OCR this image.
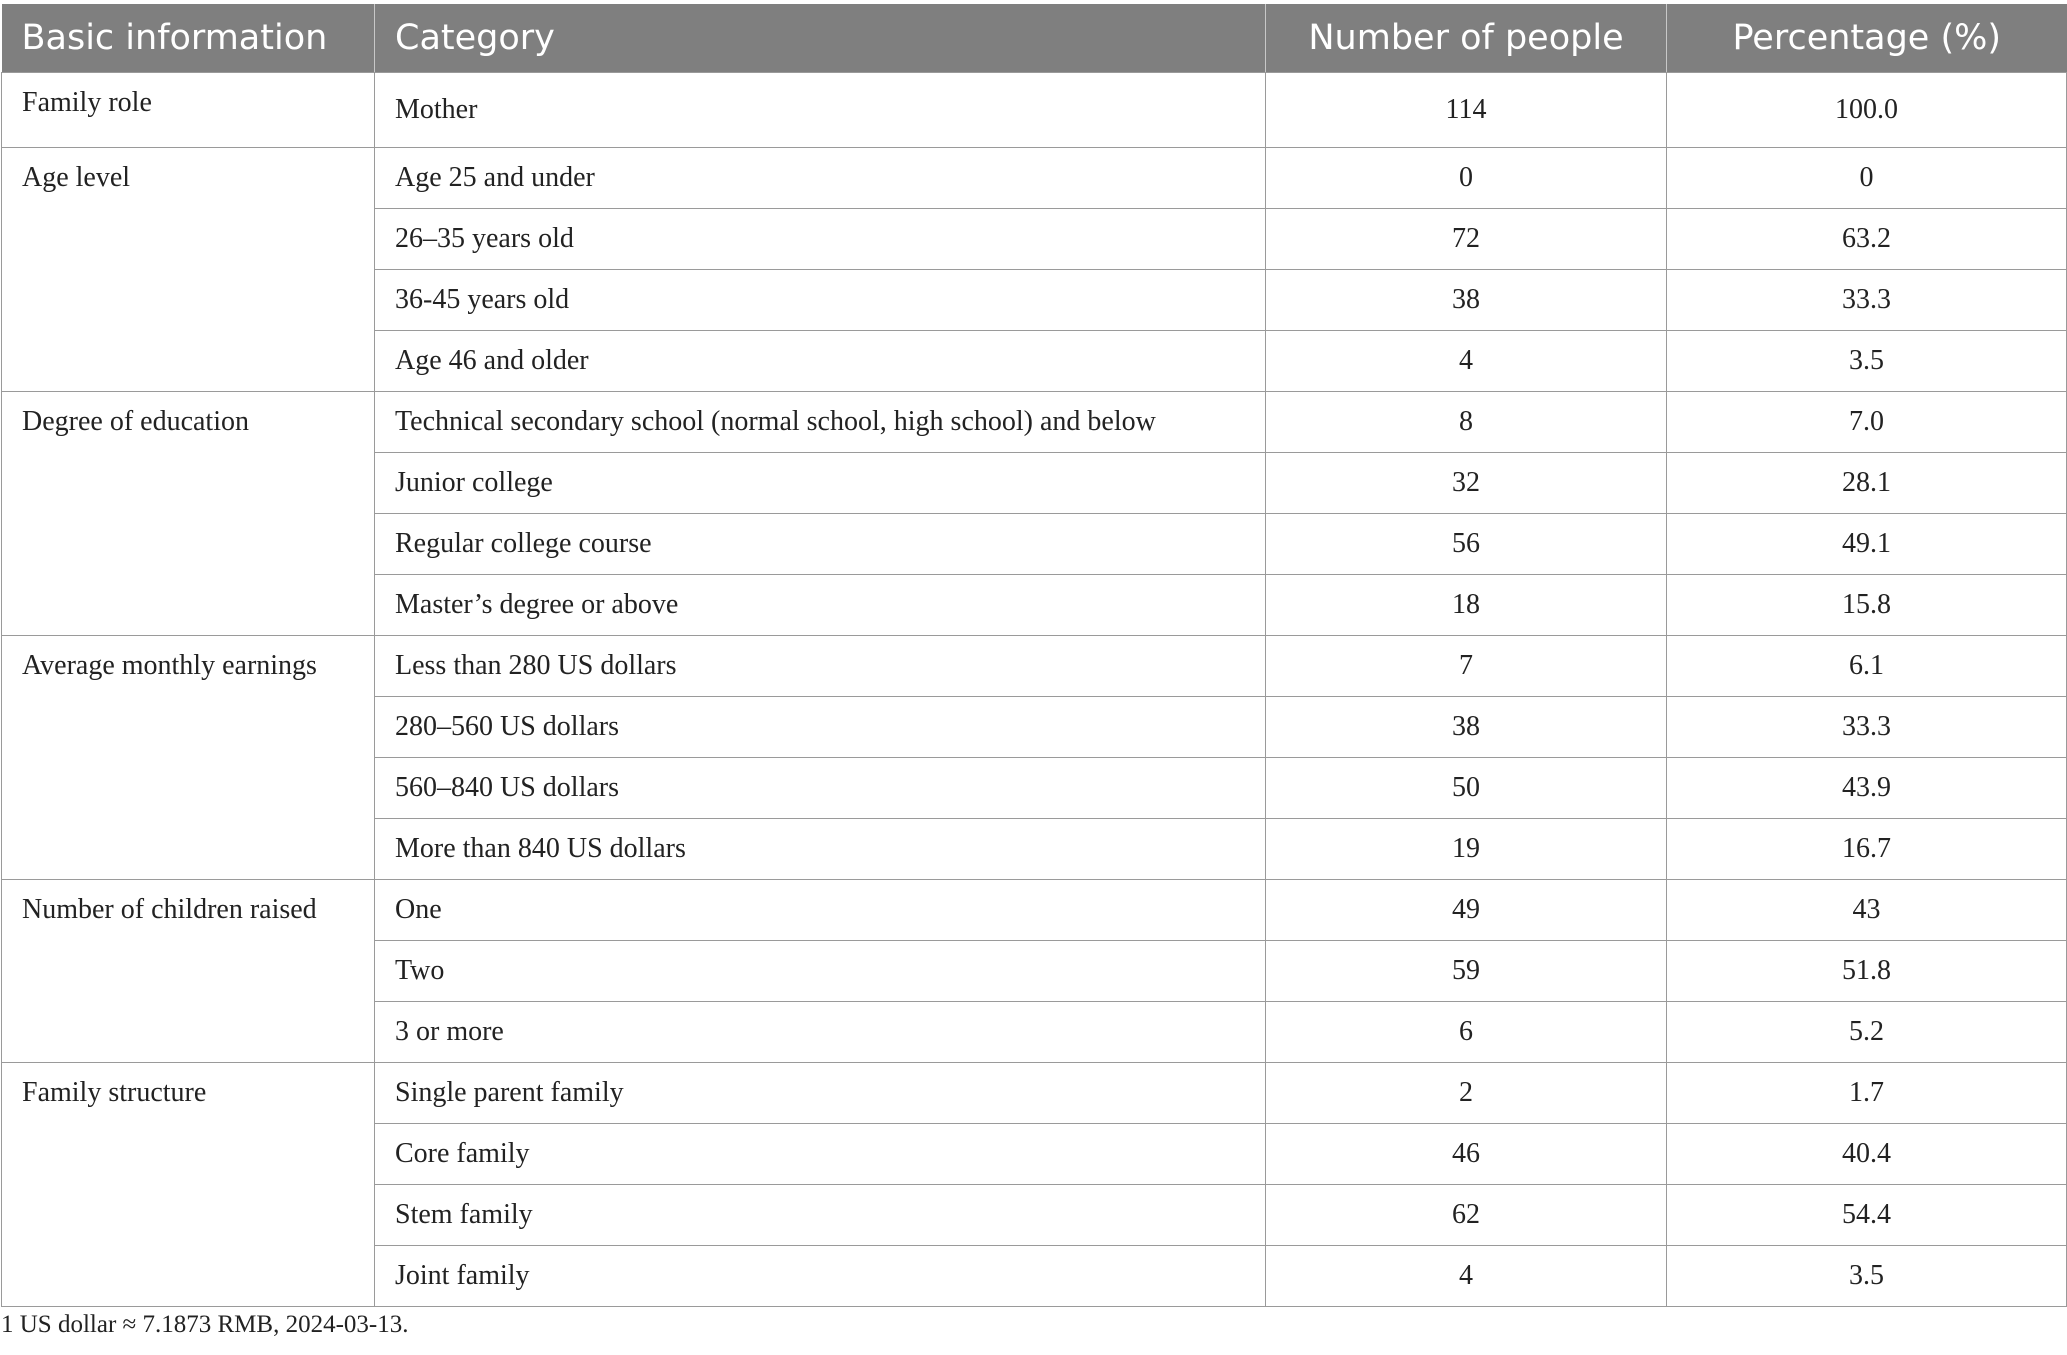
Basic information	Category	Number of people	Percentage (%)
Family role	Mother	114	100.0
Age level	Age 25 and under	0	0
	26–35 years old	72	63.2
	36-45 years old	38	33.3
	Age 46 and older	4	3.5
Degree of education	Technical secondary school (normal school, high school) and below	8	7.0
	Junior college	32	28.1
	Regular college course	56	49.1
	Master’s degree or above	18	15.8
Average monthly earnings	Less than 280 US dollars	7	6.1
	280–560 US dollars	38	33.3
	560–840 US dollars	50	43.9
	More than 840 US dollars	19	16.7
Number of children raised	One	49	43
	Two	59	51.8
	3 or more	6	5.2
Family structure	Single parent family	2	1.7
	Core family	46	40.4
	Stem family	62	54.4
	Joint family	4	3.5
1 US dollar ≈ 7.1873 RMB, 2024-03-13.
